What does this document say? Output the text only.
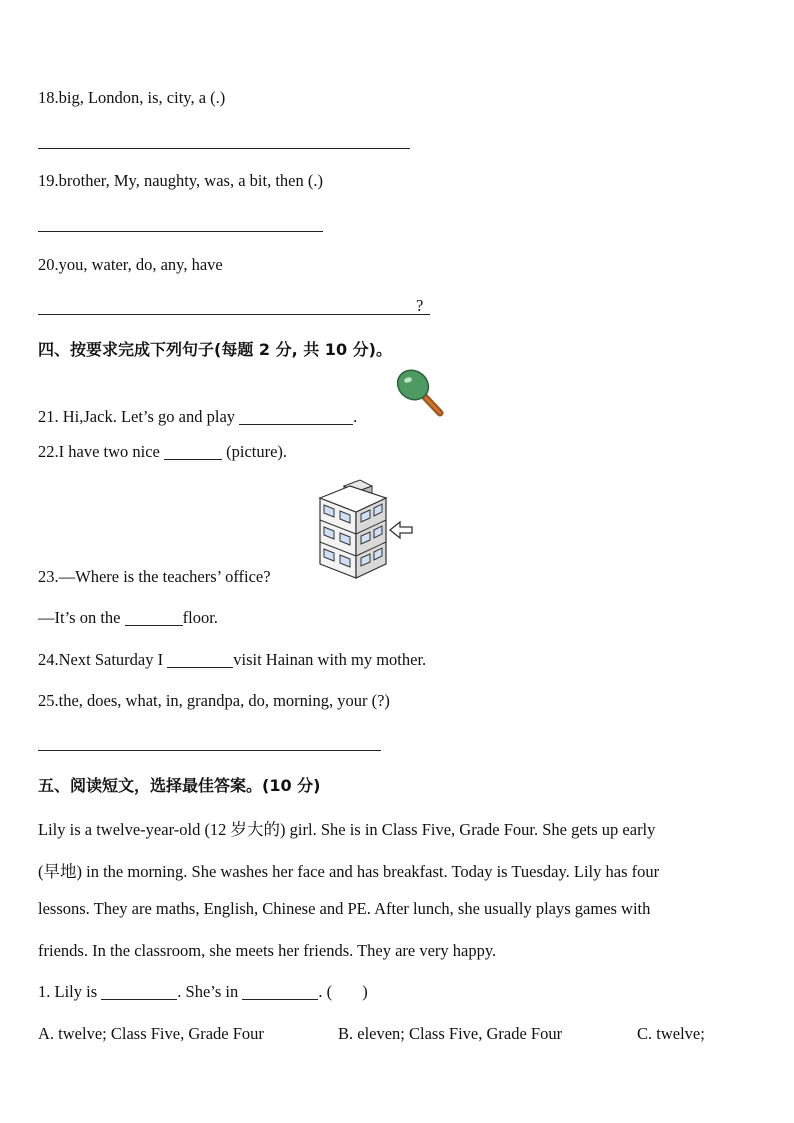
18.big, London, is, city, a (.)
19.brother, My, naughty, was, a bit, then (.)
20.you, water, do, any, have
?
四、按要求完成下列句子(每题 2 分, 共 10 分)。
21. Hi,Jack. Let’s go and play	.
22.I have two nice	(picture).
23.—Where is the teachers’ office?
—It’s on the	floor.
24.Next Saturday I	visit Hainan with my mother.
25.the, does, what, in, grandpa, do, morning, your (?)
五、阅读短文，选择最佳答案。(10 分)
Lily is a twelve-year-old (12 岁大的) girl. She is in Class Five, Grade Four. She gets up early
(早地) in the morning. She washes her face and has breakfast. Today is Tuesday. Lily has four
lessons. They are maths, English, Chinese and PE. After lunch, she usually plays games with
friends. In the classroom, she meets her friends. They are very happy.
1. Lily is	. She’s in	. ( )
A. twelve; Class Five, Grade Four	B. eleven; Class Five, Grade Four	C. twelve;
